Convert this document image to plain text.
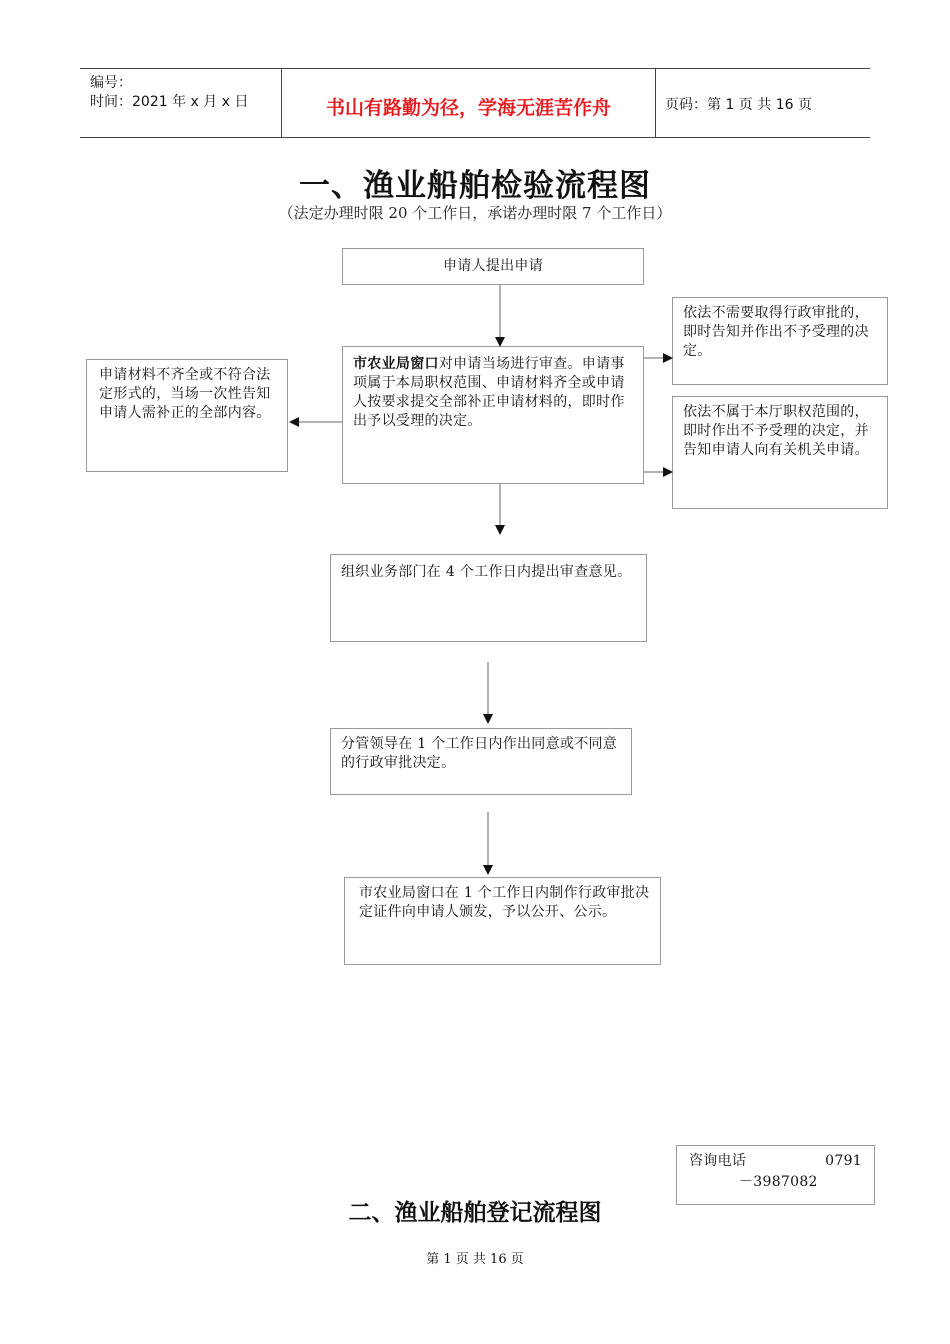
编号：
时间：2021 年 x 月 x 日	书山有路勤为径，学海无涯苦作舟	页码：第 1 页 共 16 页
一、渔业船舶检验流程图
（法定办理时限 20 个工作日，承诺办理时限 7 个工作日）
申请人提出申请
市农业局窗口对申请当场进行审查。申请事项属于本局职权范围、申请材料齐全或申请人按要求提交全部补正申请材料的，即时作出予以受理的决定。
申请材料不齐全或不符合法定形式的，当场一次性告知申请人需补正的全部内容。
依法不需要取得行政审批的，即时告知并作出不予受理的决定。
依法不属于本厅职权范围的，即时作出不予受理的决定，并告知申请人向有关机关申请。
组织业务部门在 4 个工作日内提出审查意见。
分管领导在 1 个工作日内作出同意或不同意的行政审批决定。
市农业局窗口在 1 个工作日内制作行政审批决定证件向申请人颁发，予以公开、公示。
咨询电话	0791
－3987082
二、渔业船舶登记流程图
第 1 页 共 16 页
